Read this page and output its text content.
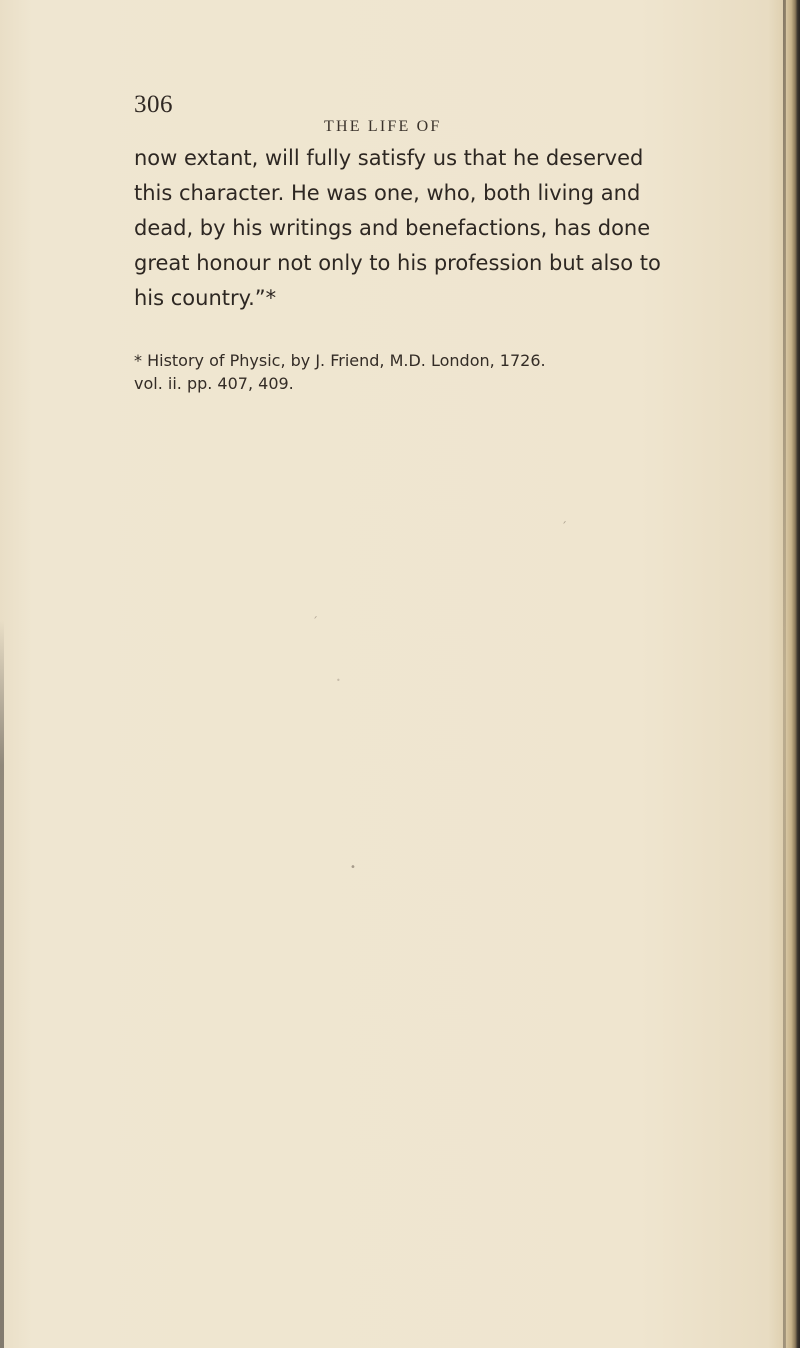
306
THE LIFE OF
now extant, will fully satisfy us that he deserved
this character. He was one, who, both living and
dead, by his writings and benefactions, has done
great honour not only to his profession but also to
his country.”*
* History of Physic, by J. Friend, M.D. London, 1726.
vol. ii. pp. 407, 409.
ˊ
ˊ
•
•
